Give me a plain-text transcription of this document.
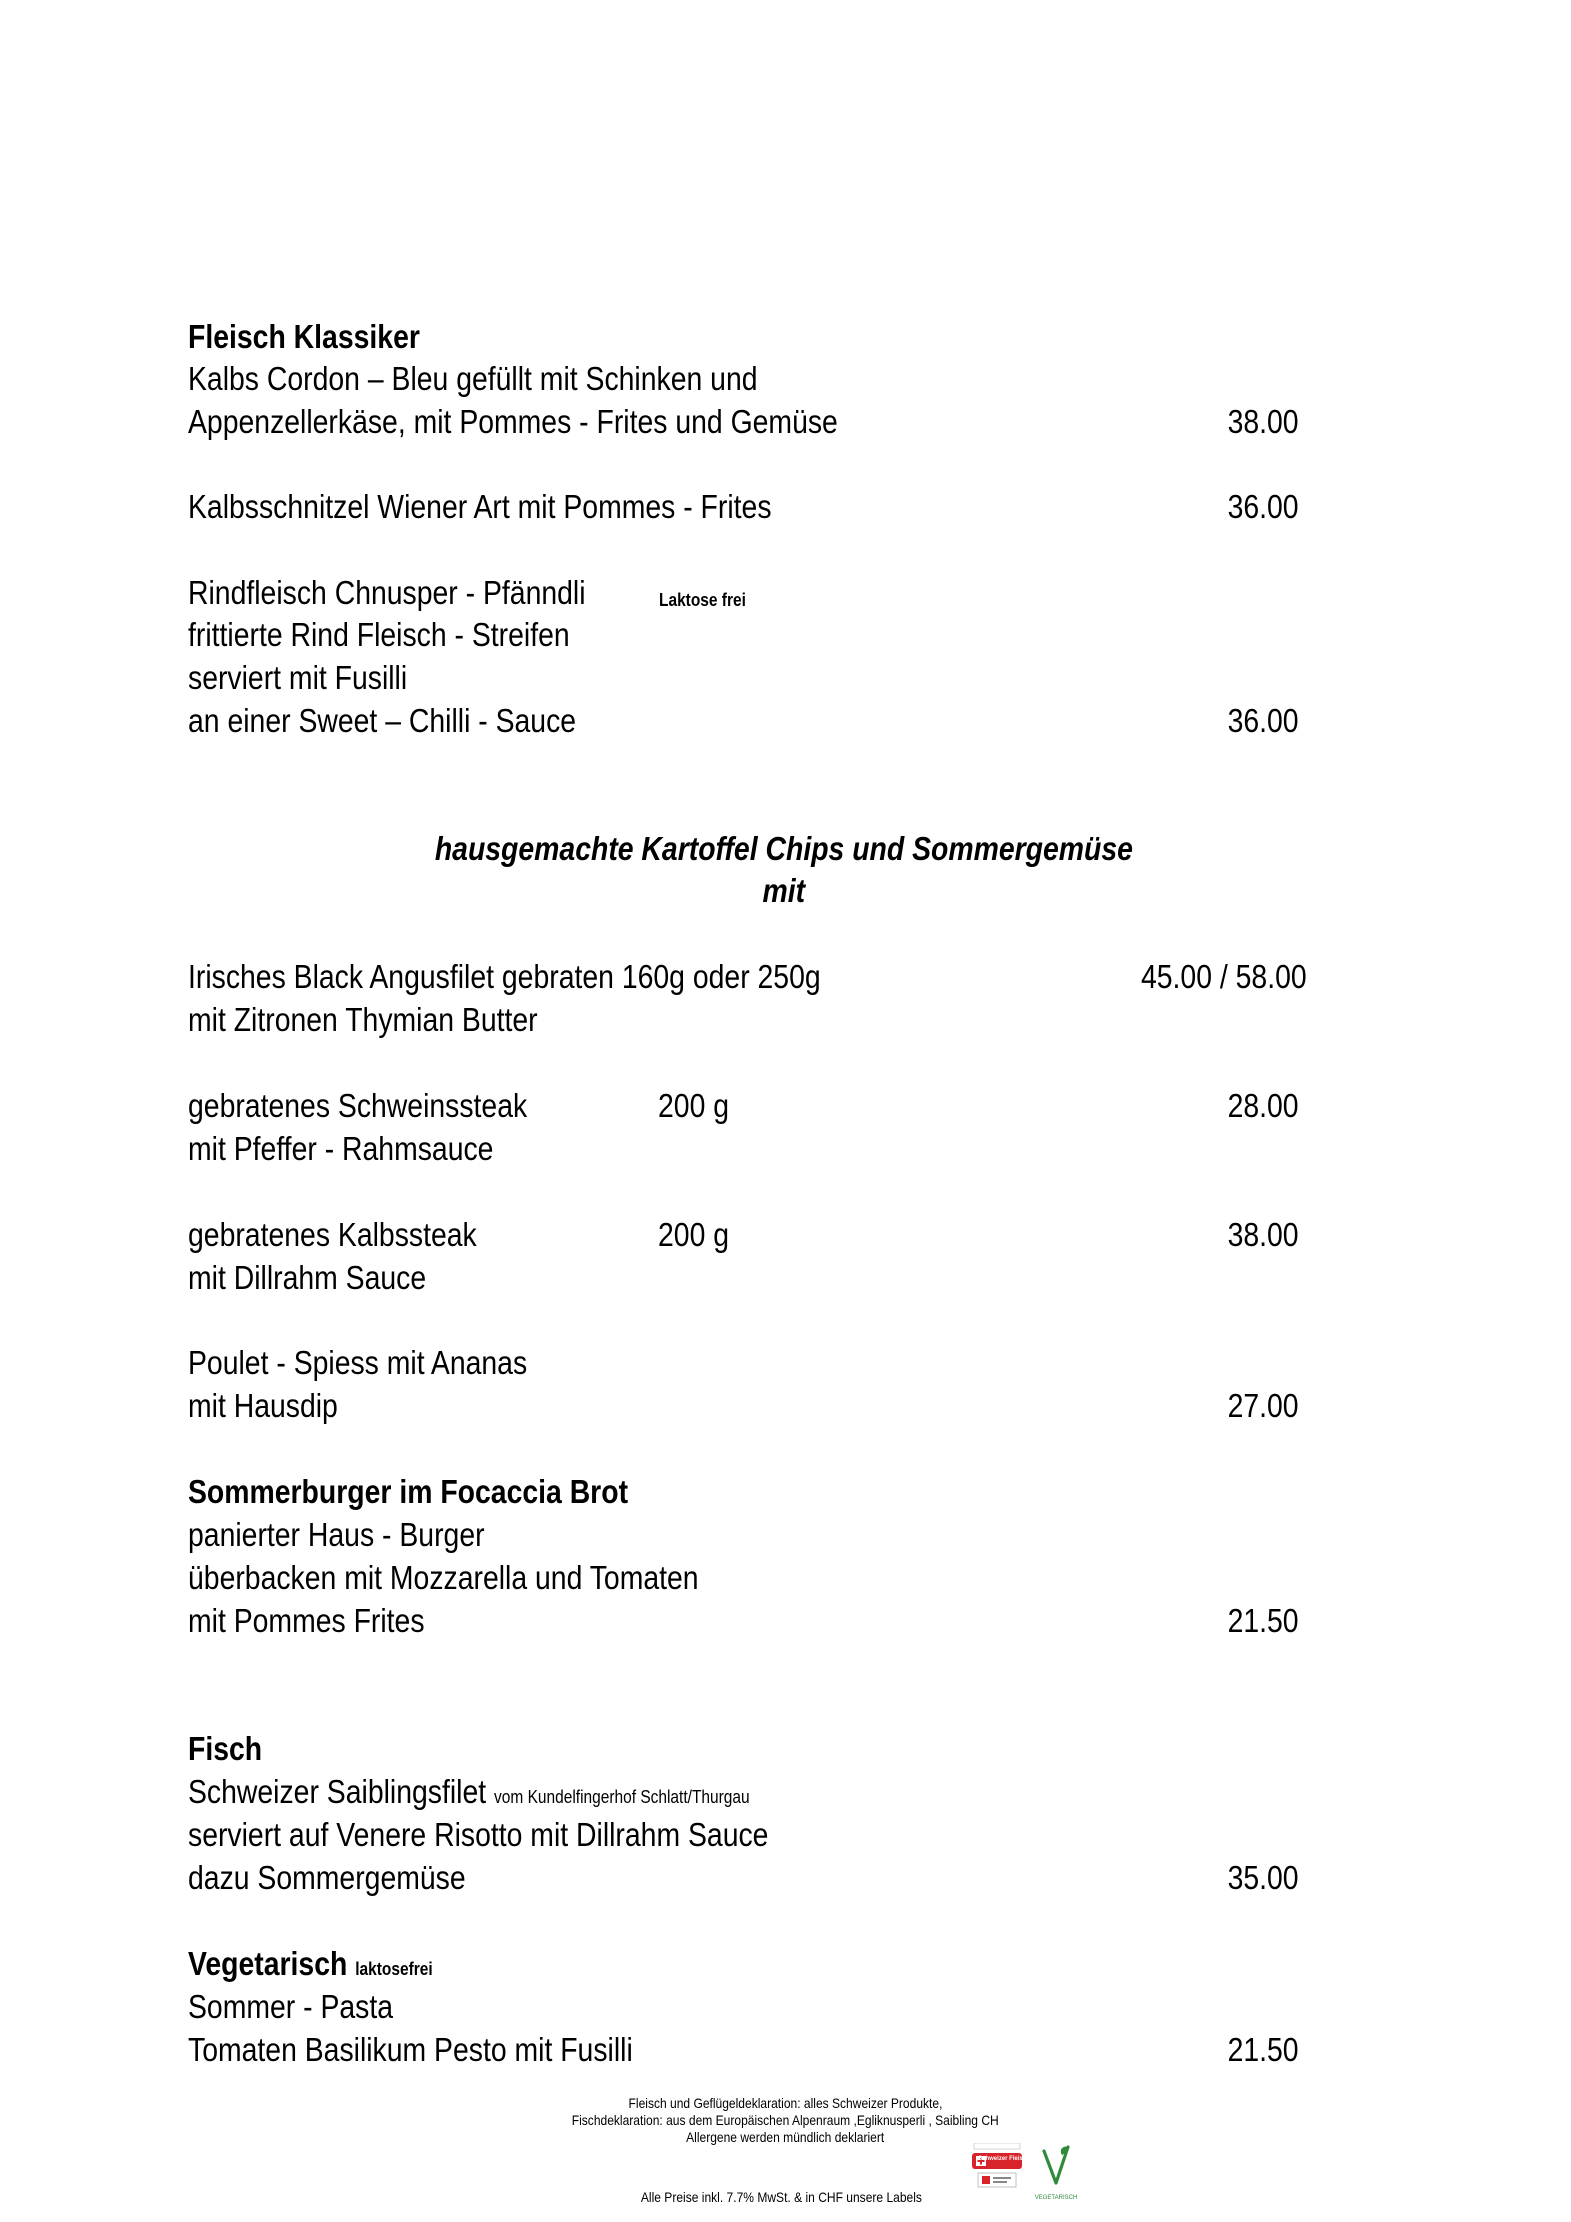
Fleisch Klassiker
Kalbs Cordon – Bleu gefüllt mit Schinken und
Appenzellerkäse, mit Pommes - Frites und Gemüse	38.00
Kalbsschnitzel Wiener Art mit Pommes - Frites	36.00
Rindfleisch Chnusper - Pfänndli	Laktose frei
frittierte Rind Fleisch - Streifen
serviert mit Fusilli
an einer Sweet – Chilli - Sauce	36.00
hausgemachte Kartoffel Chips und Sommergemüse
mit
Irisches Black Angusfilet gebraten 160g oder 250g	45.00 / 58.00
mit Zitronen Thymian Butter
gebratenes Schweinssteak	200 g	28.00
mit Pfeffer - Rahmsauce
gebratenes Kalbssteak	200 g	38.00
mit Dillrahm Sauce
Poulet - Spiess mit Ananas
mit Hausdip	27.00
Sommerburger im Focaccia Brot
panierter Haus - Burger
überbacken mit Mozzarella und Tomaten
mit Pommes Frites	21.50
Fisch
Schweizer Saiblingsfilet vom Kundelfingerhof Schlatt/Thurgau
serviert auf Venere Risotto mit Dillrahm Sauce
dazu Sommergemüse	35.00
Vegetarisch laktosefrei
Sommer - Pasta
Tomaten Basilikum Pesto mit Fusilli	21.50
Fleisch und Geflügeldeklaration: alles Schweizer Produkte,
Fischdeklaration: aus dem Europäischen Alpenraum ,Egliknusperli , Saibling CH
Allergene werden mündlich deklariert
Alle Preise inkl. 7.7% MwSt. & in CHF unsere Labels
Schweizer Fleisch
VEGETARISCH
